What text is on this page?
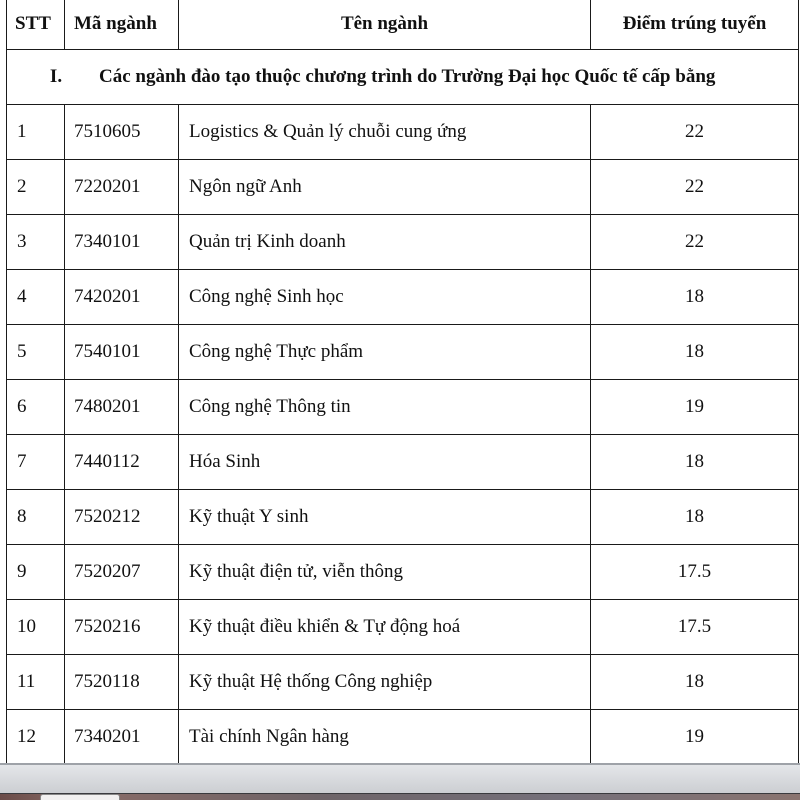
STT	Mã ngành	Tên ngành	Điểm trúng tuyển
I. Các ngành đào tạo thuộc chương trình do Trường Đại học Quốc tế cấp bằng			
1	7510605	Logistics & Quản lý chuỗi cung ứng	22
2	7220201	Ngôn ngữ Anh	22
3	7340101	Quản trị Kinh doanh	22
4	7420201	Công nghệ Sinh học	18
5	7540101	Công nghệ Thực phẩm	18
6	7480201	Công nghệ Thông tin	19
7	7440112	Hóa Sinh	18
8	7520212	Kỹ thuật Y sinh	18
9	7520207	Kỹ thuật điện tử, viễn thông	17.5
10	7520216	Kỹ thuật điều khiển & Tự động hoá	17.5
11	7520118	Kỹ thuật Hệ thống Công nghiệp	18
12	7340201	Tài chính Ngân hàng	19
